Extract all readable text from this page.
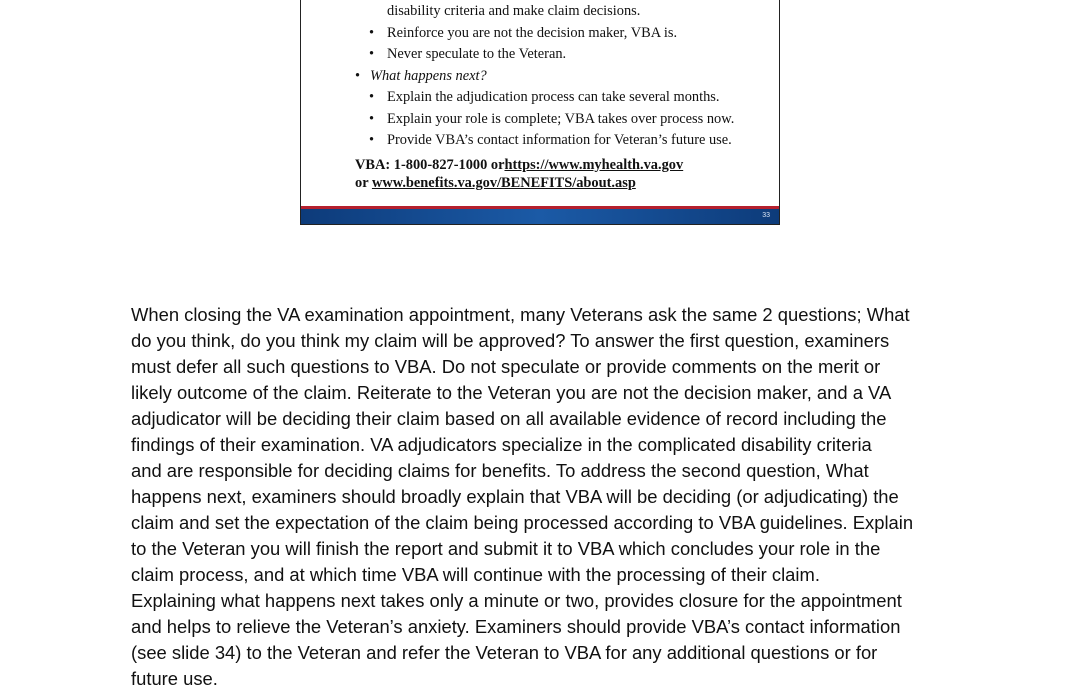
disability criteria and make claim decisions.
• Reinforce you are not the decision maker, VBA is.
• Never speculate to the Veteran.
• What happens next?
• Explain the adjudication process can take several months.
• Explain your role is complete; VBA takes over process now.
• Provide VBA’s contact information for Veteran’s future use.
VBA: 1-800-827-1000 orhttps://www.myhealth.va.gov
or www.benefits.va.gov/BENEFITS/about.asp
33
When closing the VA examination appointment, many Veterans ask the same 2 questions; What
do you think, do you think my claim will be approved? To answer the first question, examiners
must defer all such questions to VBA. Do not speculate or provide comments on the merit or
likely outcome of the claim. Reiterate to the Veteran you are not the decision maker, and a VA
adjudicator will be deciding their claim based on all available evidence of record including the
findings of their examination. VA adjudicators specialize in the complicated disability criteria
and are responsible for deciding claims for benefits. To address the second question, What
happens next, examiners should broadly explain that VBA will be deciding (or adjudicating) the
claim and set the expectation of the claim being processed according to VBA guidelines. Explain
to the Veteran you will finish the report and submit it to VBA which concludes your role in the
claim process, and at which time VBA will continue with the processing of their claim.
Explaining what happens next takes only a minute or two, provides closure for the appointment
and helps to relieve the Veteran’s anxiety. Examiners should provide VBA’s contact information
(see slide 34) to the Veteran and refer the Veteran to VBA for any additional questions or for
future use.
